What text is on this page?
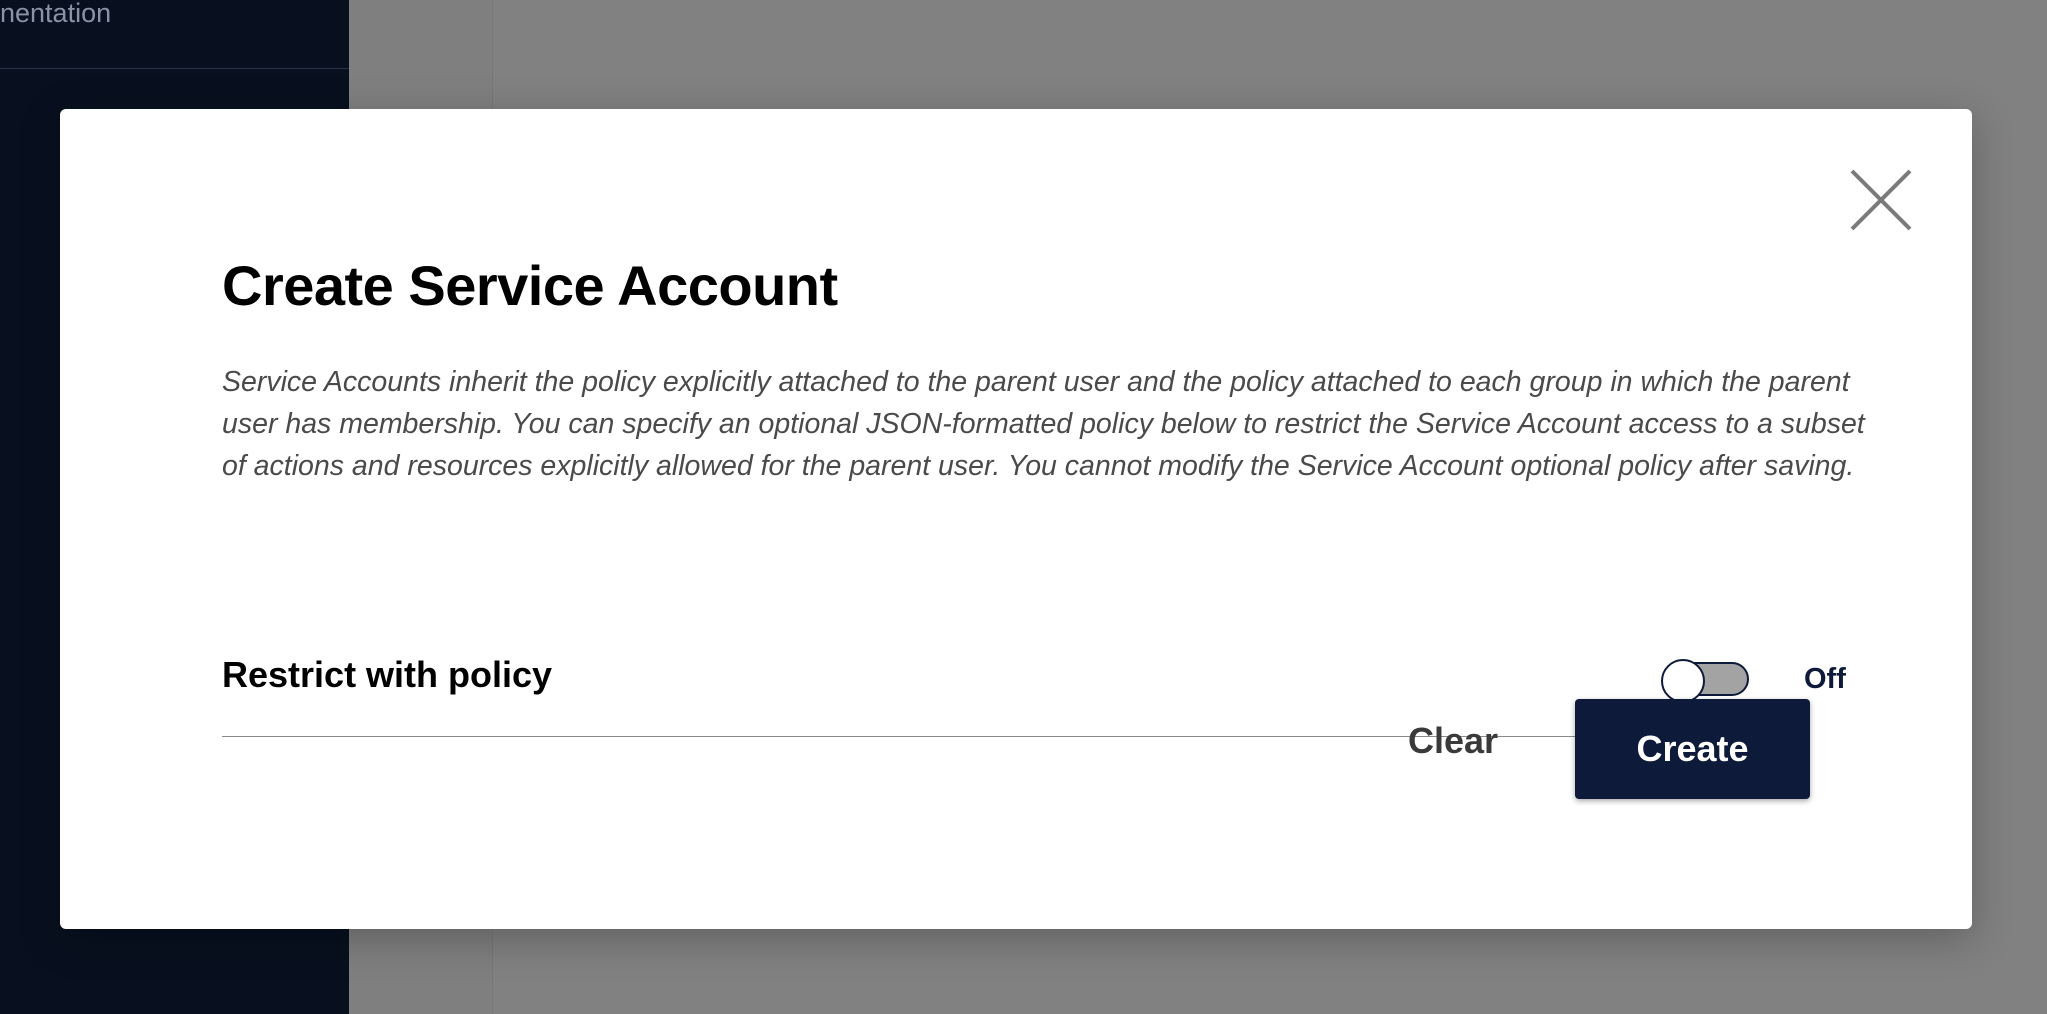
nentation
Create Service Account

Service Accounts inherit the policy explicitly attached to the parent user and the policy attached to each group in which the parent user has membership. You can specify an optional JSON-formatted policy below to restrict the Service Account access to a subset of actions and resources explicitly allowed for the parent user. You cannot modify the Service Account optional policy after saving.

Restrict with policy	Off
Clear	Create
